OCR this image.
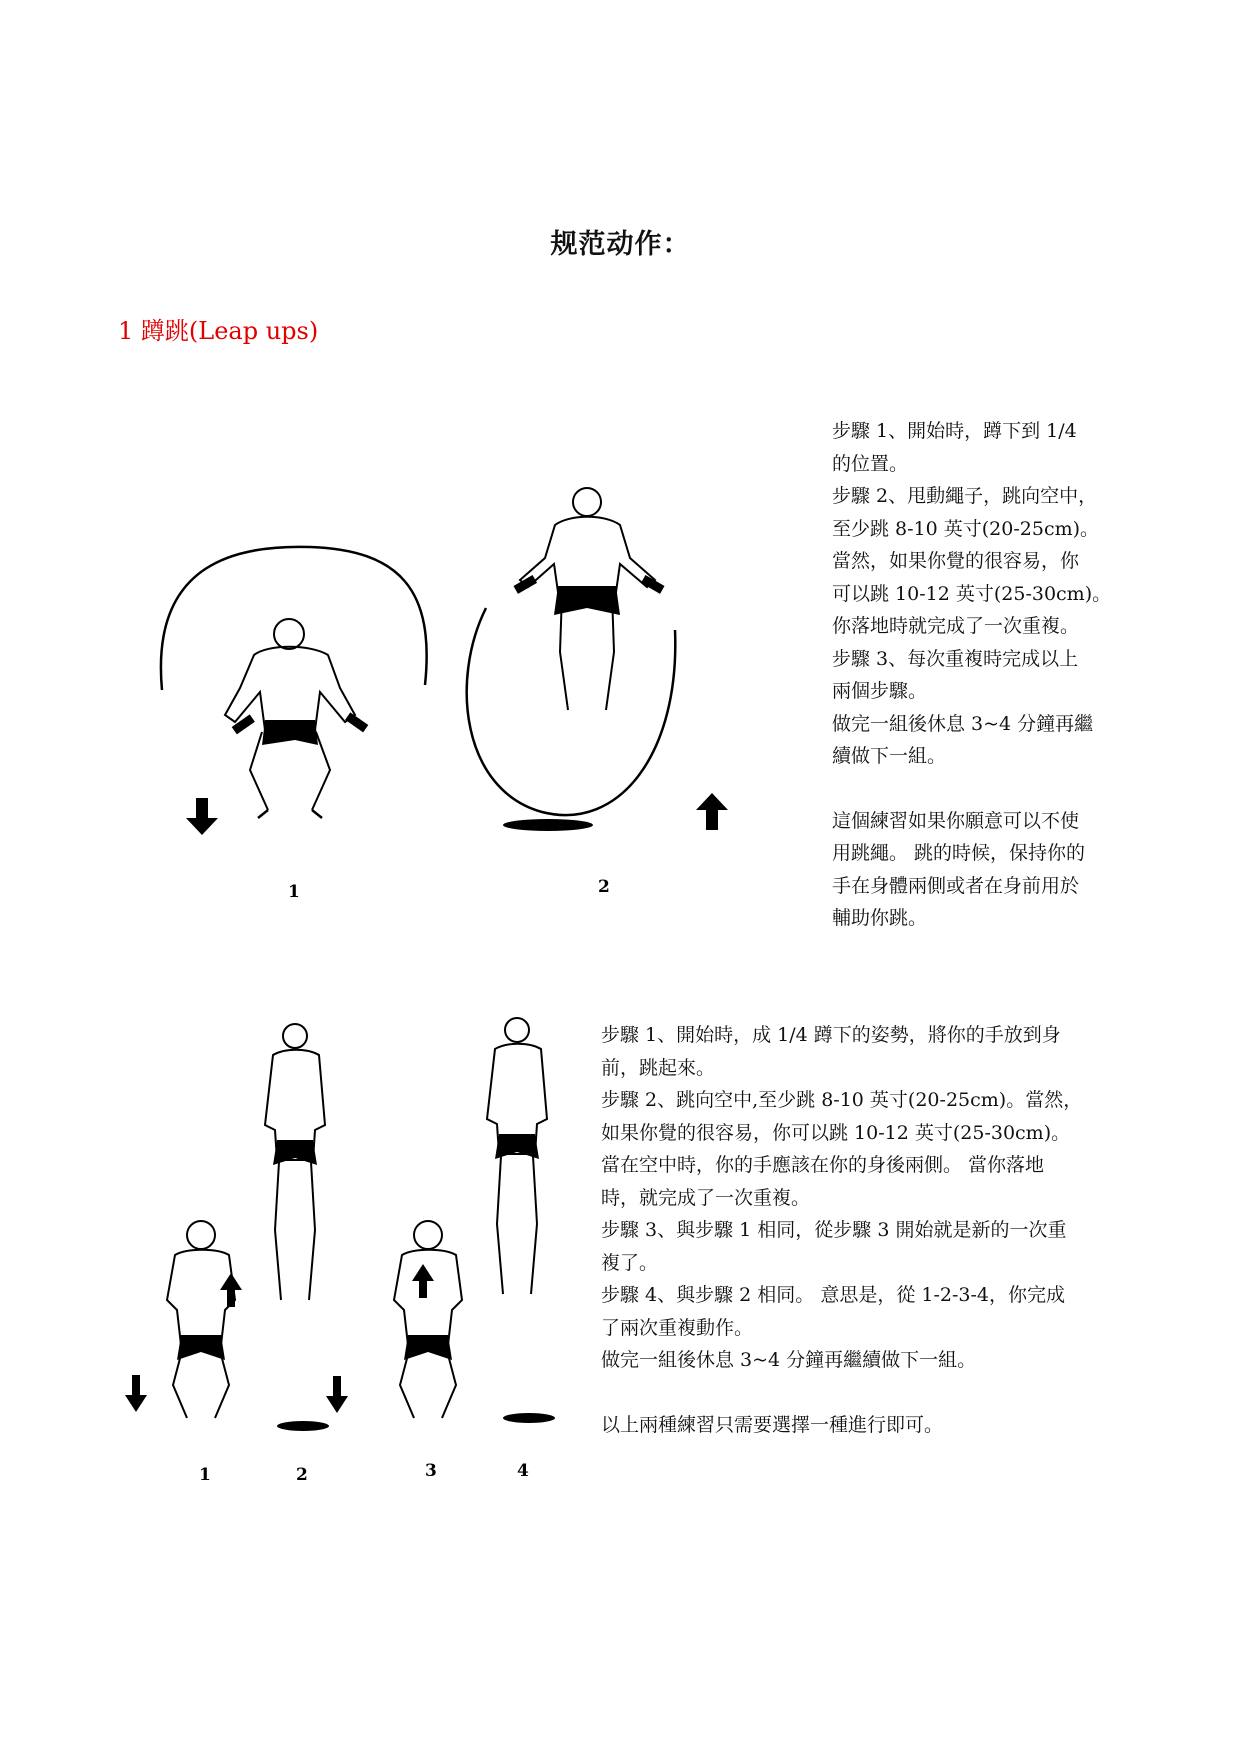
规范动作：
1 蹲跳(Leap ups)
1	2

步驟 1、開始時，蹲下到 1/4

的位置。

步驟 2、甩動繩子，跳向空中，

至少跳 8-10 英寸(20-25cm)。

當然，如果你覺的很容易，你

可以跳 10-12 英寸(25-30cm)。

你落地時就完成了一次重複。

步驟 3、每次重複時完成以上

兩個步驟。

做完一組後休息 3~4 分鐘再繼

續做下一組。

這個練習如果你願意可以不使

用跳繩。 跳的時候，保持你的

手在身體兩側或者在身前用於

輔助你跳。

1	2	3	4

步驟 1、開始時，成 1/4 蹲下的姿勢，將你的手放到身

前，跳起來。

步驟 2、跳向空中,至少跳 8-10 英寸(20-25cm)。當然，

如果你覺的很容易，你可以跳 10-12 英寸(25-30cm)。

當在空中時，你的手應該在你的身後兩側。 當你落地

時，就完成了一次重複。

步驟 3、與步驟 1 相同，從步驟 3 開始就是新的一次重

複了。

步驟 4、與步驟 2 相同。 意思是，從 1-2-3-4，你完成

了兩次重複動作。

做完一組後休息 3~4 分鐘再繼續做下一組。

以上兩種練習只需要選擇一種進行即可。
